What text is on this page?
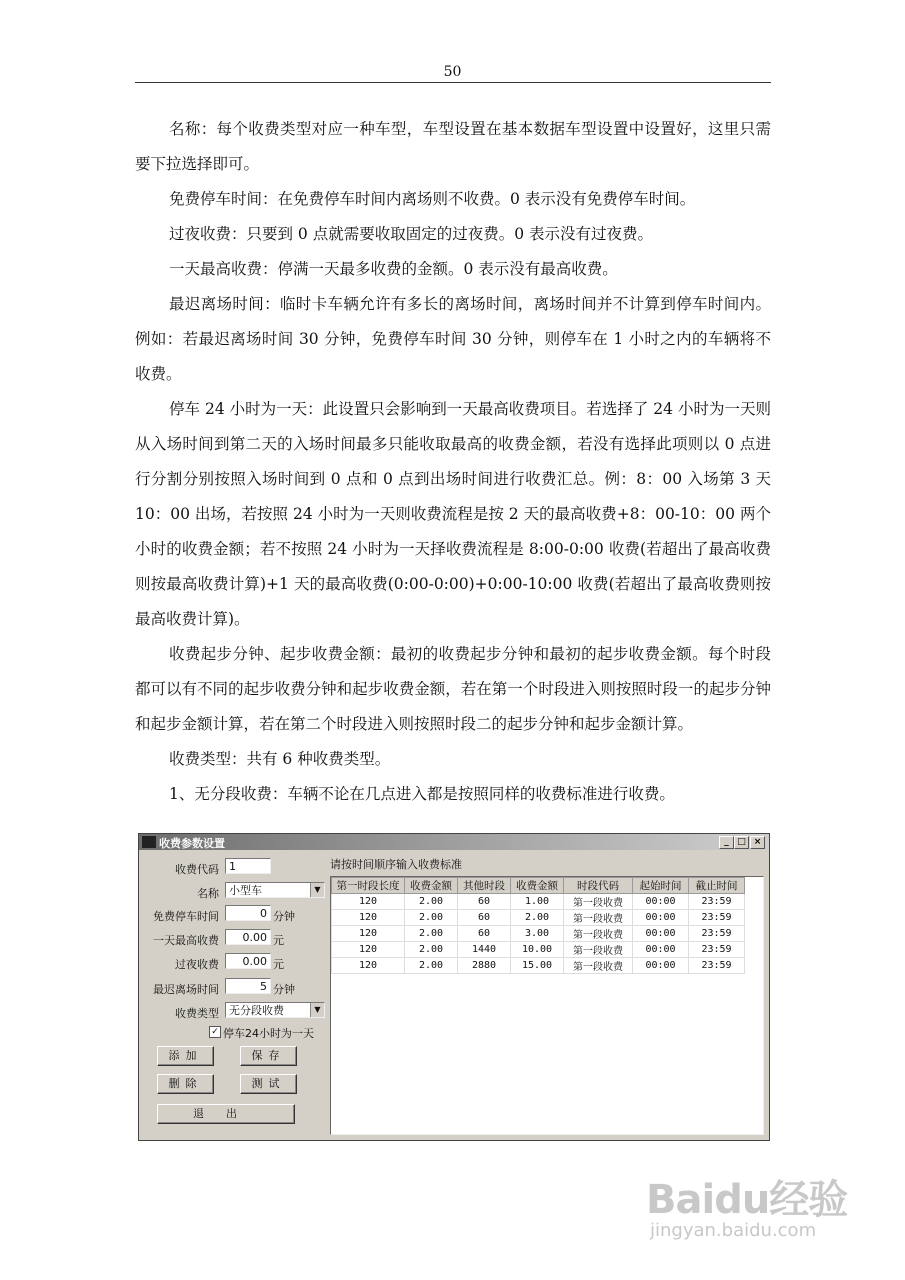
50

名称：每个收费类型对应一种车型，车型设置在基本数据车型设置中设置好，这里只需要下拉选择即可。

免费停车时间：在免费停车时间内离场则不收费。0 表示没有免费停车时间。

过夜收费：只要到 0 点就需要收取固定的过夜费。0 表示没有过夜费。

一天最高收费：停满一天最多收费的金额。0 表示没有最高收费。

最迟离场时间：临时卡车辆允许有多长的离场时间，离场时间并不计算到停车时间内。例如：若最迟离场时间 30 分钟，免费停车时间 30 分钟，则停车在 1 小时之内的车辆将不收费。

停车 24 小时为一天：此设置只会影响到一天最高收费项目。若选择了 24 小时为一天则从入场时间到第二天的入场时间最多只能收取最高的收费金额，若没有选择此项则以 0 点进行分割分别按照入场时间到 0 点和 0 点到出场时间进行收费汇总。例：8：00 入场第 3 天 10：00 出场，若按照 24 小时为一天则收费流程是按 2 天的最高收费+8：00-10：00 两个小时的收费金额；若不按照 24 小时为一天择收费流程是 8:00-0:00 收费(若超出了最高收费则按最高收费计算)+1 天的最高收费(0:00-0:00)+0:00-10:00 收费(若超出了最高收费则按最高收费计算)。

收费起步分钟、起步收费金额：最初的收费起步分钟和最初的起步收费金额。每个时段都可以有不同的起步收费分钟和起步收费金额，若在第一个时段进入则按照时段一的起步分钟和起步金额计算，若在第二个时段进入则按照时段二的起步分钟和起步金额计算。

收费类型：共有 6 种收费类型。

1、无分段收费：车辆不论在几点进入都是按照同样的收费标准进行收费。

收费参数设置	_ □ ×
收费代码 1
名称 小型车	▼
免费停车时间	0 分钟
一天最高收费	0.00 元
过夜收费	0.00 元
最迟离场时间	5 分钟
收费类型 无分段收费	▼
✓ 停车24小时为一天
添加	保存
删除	测试
退出
请按时间顺序输入收费标准
第一时段长度	收费金额	其他时段	收费金额	时段代码	起始时间	截止时间
120	2.00	60	1.00	第一段收费	00:00	23:59
120	2.00	60	2.00	第一段收费	00:00	23:59
120	2.00	60	3.00	第一段收费	00:00	23:59
120	2.00	1440	10.00	第一段收费	00:00	23:59
120	2.00	2880	15.00	第一段收费	00:00	23:59
Baidu经验
jingyan.baidu.com
